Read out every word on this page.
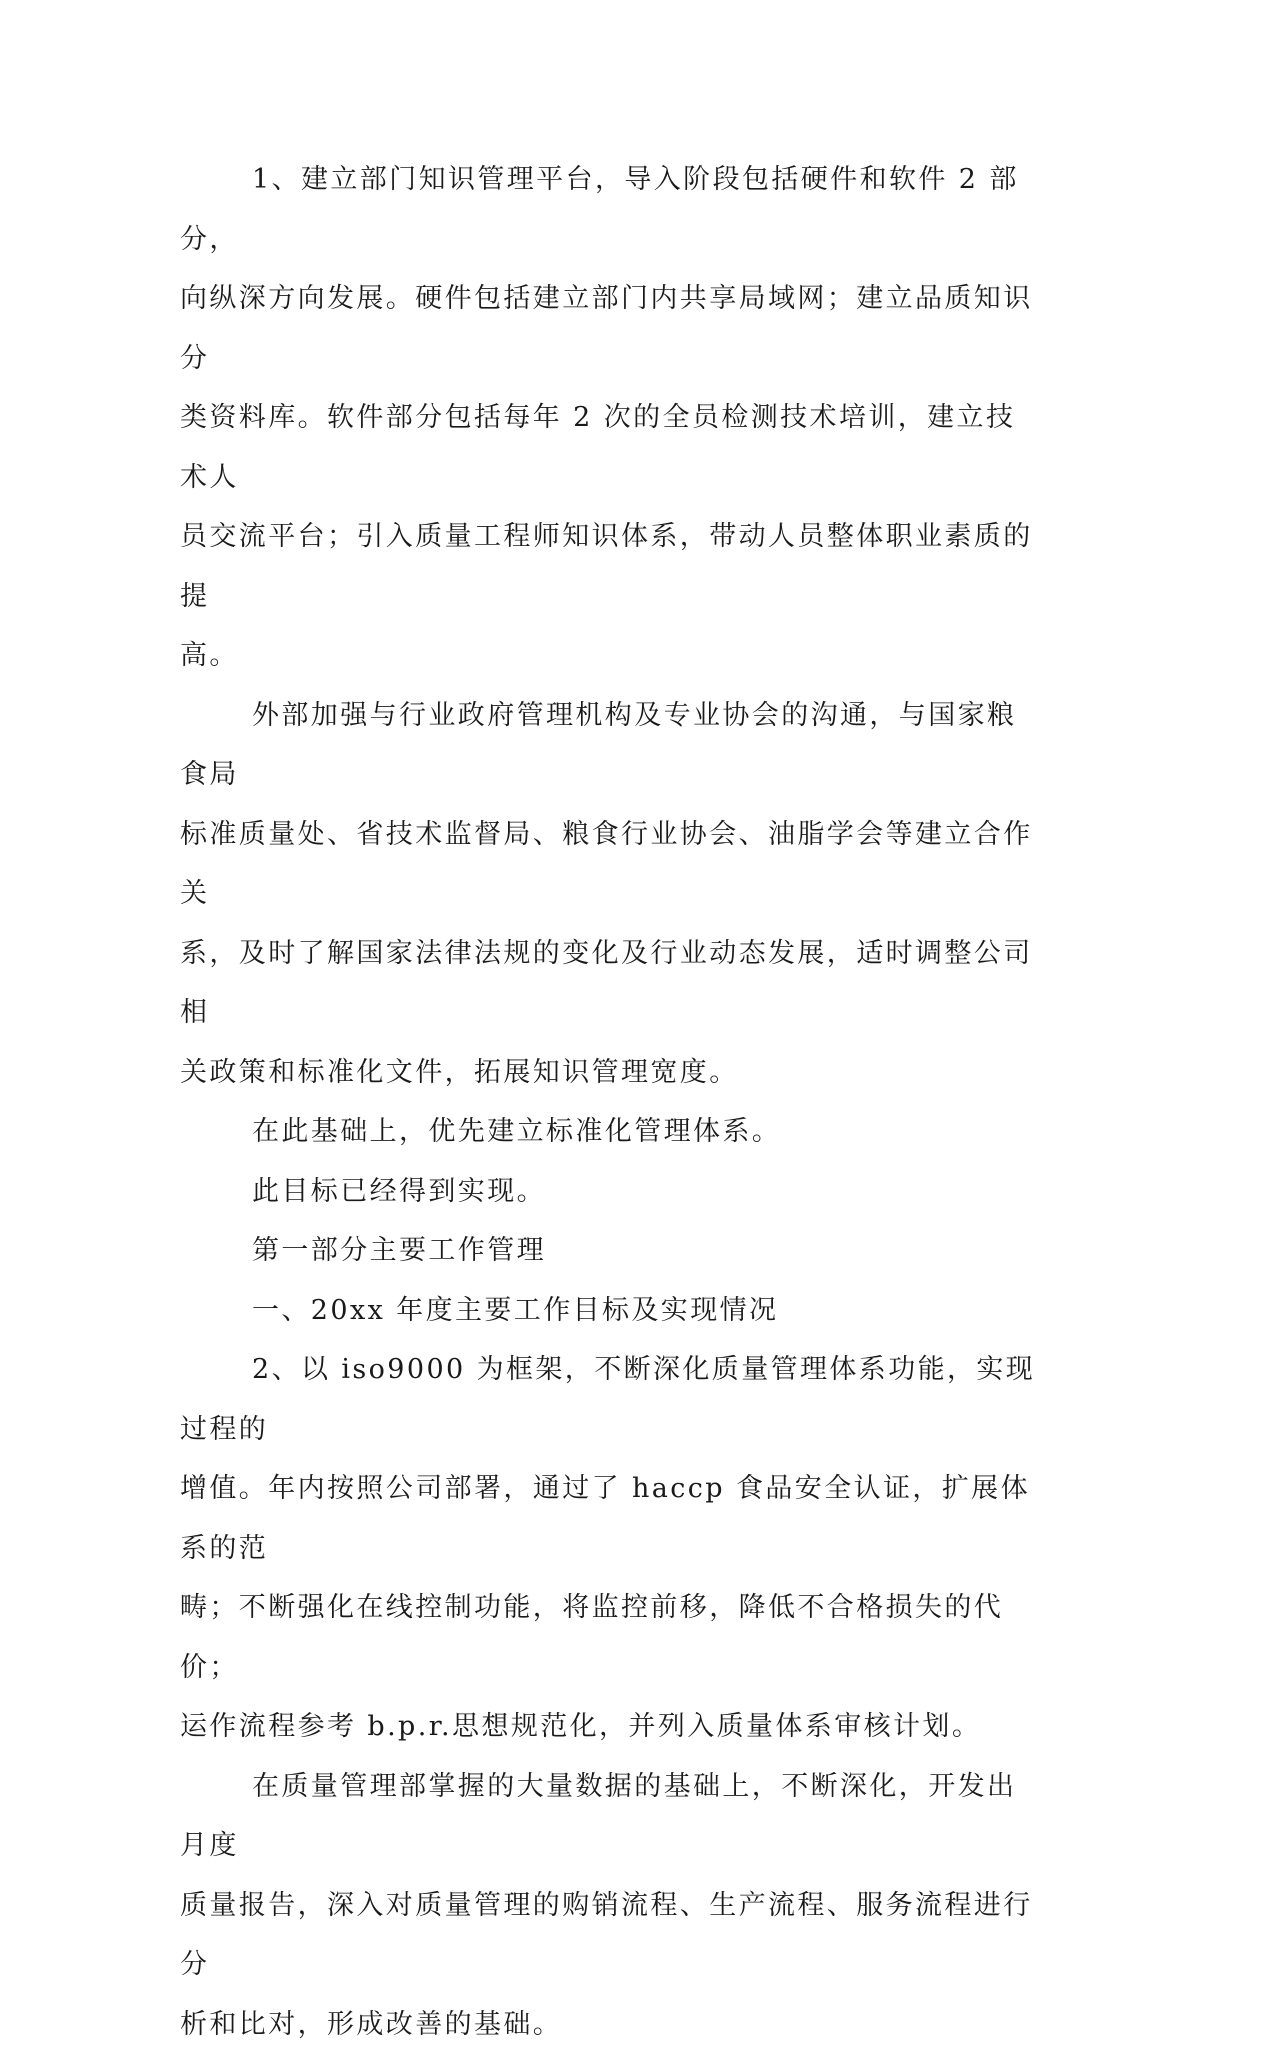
1、建立部门知识管理平台，导入阶段包括硬件和软件 2 部分，
向纵深方向发展。硬件包括建立部门内共享局域网；建立品质知识分
类资料库。软件部分包括每年 2 次的全员检测技术培训，建立技术人
员交流平台；引入质量工程师知识体系，带动人员整体职业素质的提
高。

外部加强与行业政府管理机构及专业协会的沟通，与国家粮食局
标准质量处、省技术监督局、粮食行业协会、油脂学会等建立合作关
系，及时了解国家法律法规的变化及行业动态发展，适时调整公司相
关政策和标准化文件，拓展知识管理宽度。

在此基础上，优先建立标准化管理体系。

此目标已经得到实现。

第一部分主要工作管理

一、20xx 年度主要工作目标及实现情况

2、以 iso9000 为框架，不断深化质量管理体系功能，实现过程的
增值。年内按照公司部署，通过了 haccp 食品安全认证，扩展体系的范
畴；不断强化在线控制功能，将监控前移，降低不合格损失的代价；
运作流程参考 b.p.r.思想规范化，并列入质量体系审核计划。

在质量管理部掌握的大量数据的基础上，不断深化，开发出月度
质量报告，深入对质量管理的购销流程、生产流程、服务流程进行分
析和比对，形成改善的基础。
